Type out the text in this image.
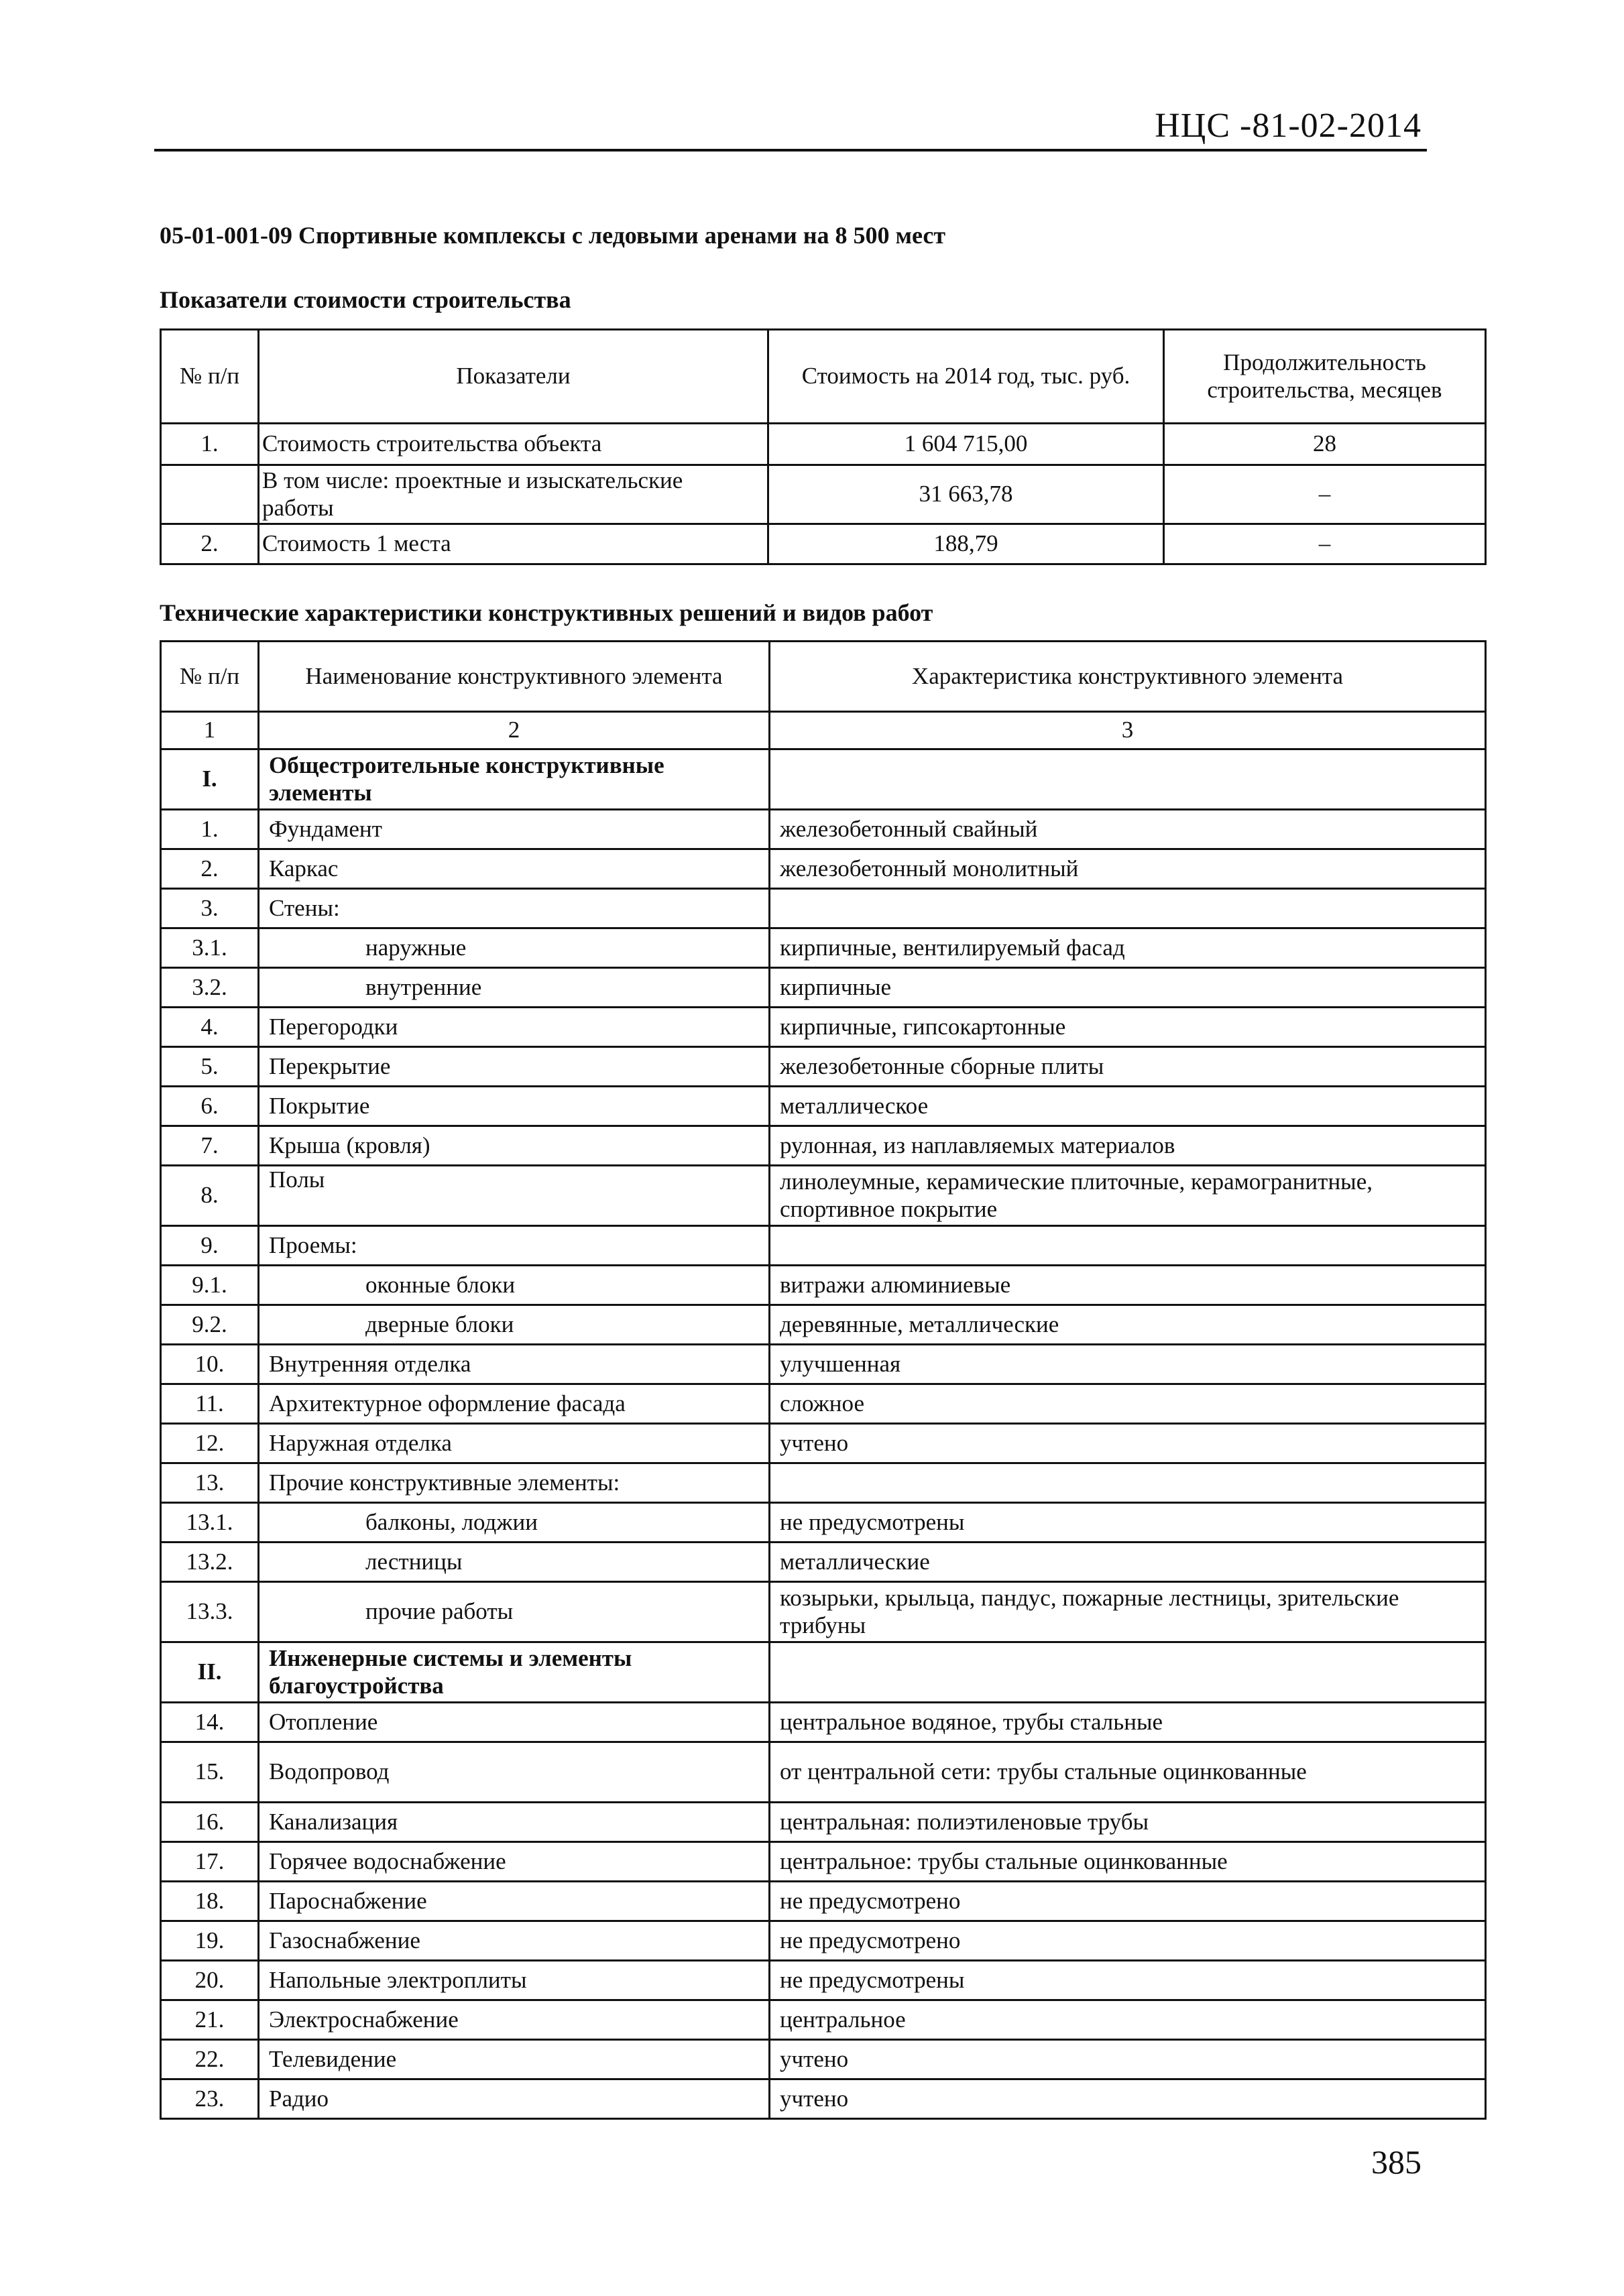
НЦС -81-02-2014
05-01-001-09 Спортивные комплексы с ледовыми аренами на 8 500 мест
Показатели стоимости строительства
№ п/п	Показатели	Стоимость на 2014 год, тыс. руб.	Продолжительность строительства, месяцев
1.	Стоимость строительства объекта	1 604 715,00	28
	В том числе: проектные и изыскательские работы	31 663,78	–
2.	Стоимость 1 места	188,79	–
Технические характеристики конструктивных решений и видов работ
№ п/п	Наименование конструктивного элемента	Характеристика конструктивного элемента
1	2	3
I.	Общестроительные конструктивные элементы	
1.	Фундамент	железобетонный свайный
2.	Каркас	железобетонный монолитный
3.	Стены:	
3.1.	наружные	кирпичные, вентилируемый фасад
3.2.	внутренние	кирпичные
4.	Перегородки	кирпичные, гипсокартонные
5.	Перекрытие	железобетонные сборные плиты
6.	Покрытие	металлическое
7.	Крыша (кровля)	рулонная, из наплавляемых материалов
8.	Полы	линолеумные, керамические плиточные, керамогранитные, спортивное покрытие
9.	Проемы:	
9.1.	оконные блоки	витражи алюминиевые
9.2.	дверные блоки	деревянные, металлические
10.	Внутренняя отделка	улучшенная
11.	Архитектурное оформление фасада	сложное
12.	Наружная отделка	учтено
13.	Прочие конструктивные элементы:	
13.1.	балконы, лоджии	не предусмотрены
13.2.	лестницы	металлические
13.3.	прочие работы	козырьки, крыльца, пандус, пожарные лестницы, зрительские трибуны
II.	Инженерные системы и элементы благоустройства	
14.	Отопление	центральное водяное, трубы стальные
15.	Водопровод	от центральной сети: трубы стальные оцинкованные
16.	Канализация	центральная: полиэтиленовые трубы
17.	Горячее водоснабжение	центральное: трубы стальные оцинкованные
18.	Пароснабжение	не предусмотрено
19.	Газоснабжение	не предусмотрено
20.	Напольные электроплиты	не предусмотрены
21.	Электроснабжение	центральное
22.	Телевидение	учтено
23.	Радио	учтено
385
